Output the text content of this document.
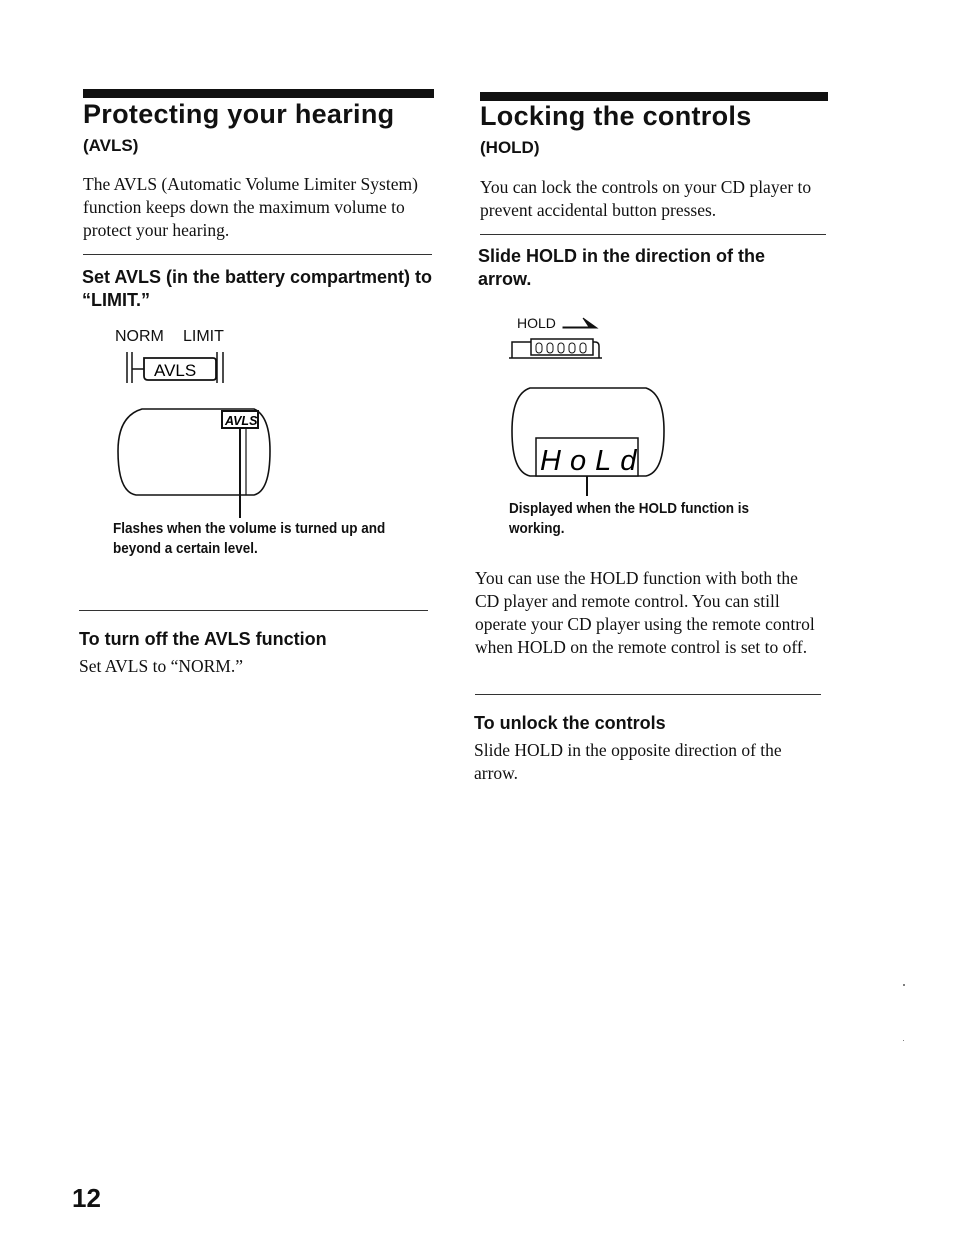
Protecting your hearing
(AVLS)

The AVLS (Automatic Volume Limiter System) function keeps down the maximum volume to protect your hearing.

Set AVLS (in the battery compartment) to “LIMIT.”
NORM LIMIT
AVLS
AVLS

Flashes when the volume is turned up and beyond a certain level.

To turn off the AVLS function

Set AVLS to “NORM.”

Locking the controls
(HOLD)

You can lock the controls on your CD player to prevent accidental button presses.

Slide HOLD in the direction of the arrow.
HOLD
HoLd

Displayed when the HOLD function is working.

You can use the HOLD function with both the CD player and remote control. You can still operate your CD player using the remote control when HOLD on the remote control is set to off.

To unlock the controls

Slide HOLD in the opposite direction of the arrow.

12
